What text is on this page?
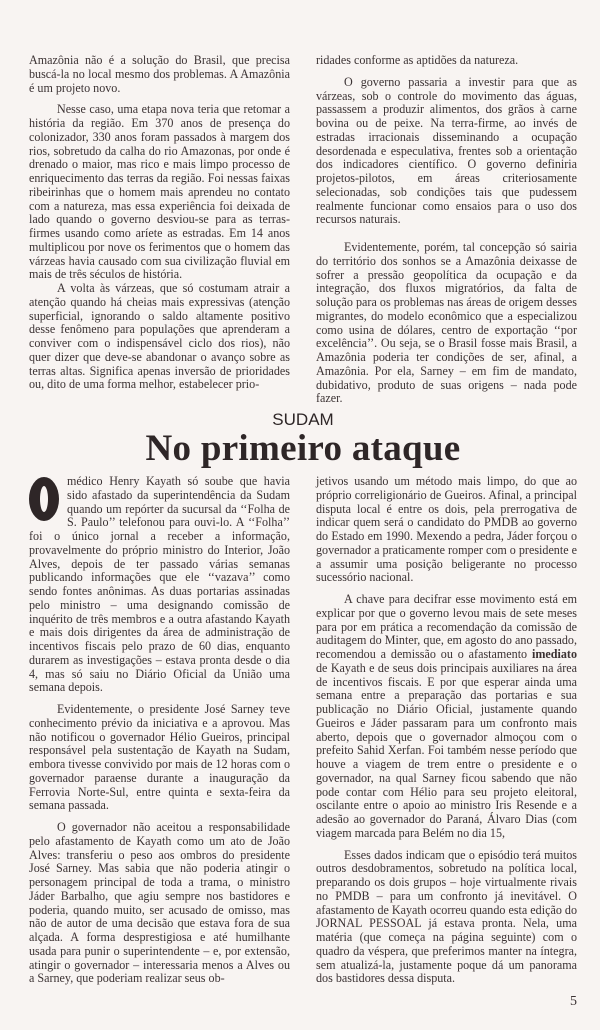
Amazônia não é a solução do Brasil, que precisa buscá-la no local mesmo dos problemas. A Amazônia é um projeto novo.

Nesse caso, uma etapa nova teria que retomar a história da região. Em 370 anos de presença do colonizador, 330 anos foram passados à margem dos rios, sobretudo da calha do rio Amazonas, por onde é drenado o maior, mas rico e mais limpo processo de enriquecimento das terras da região. Foi nessas faixas ribeirinhas que o homem mais aprendeu no contato com a natureza, mas essa experiência foi deixada de lado quando o governo desviou-se para as terras-firmes usando como aríete as estradas. Em 14 anos multiplicou por nove os ferimentos que o homem das várzeas havia causado com sua civilização fluvial em mais de três séculos de história.

A volta às várzeas, que só costumam atrair a atenção quando há cheias mais expressivas (atenção superficial, ignorando o saldo altamente positivo desse fenômeno para populações que aprenderam a conviver com o indispensável ciclo dos rios), não quer dizer que deve-se abandonar o avanço sobre as terras altas. Significa apenas inversão de prioridades ou, dito de uma forma melhor, estabelecer prio-

ridades conforme as aptidões da natureza.

O governo passaria a investir para que as várzeas, sob o controle do movimento das águas, passassem a produzir alimentos, dos grãos à carne bovina ou de peixe. Na terra-firme, ao invés de estradas irracionais disseminando a ocupação desordenada e especulativa, frentes sob a orientação dos indicadores científico. O governo definiria projetos-pilotos, em áreas criteriosamente selecionadas, sob condições tais que pudessem realmente funcionar como ensaios para o uso dos recursos naturais.

Evidentemente, porém, tal concepção só sairia do território dos sonhos se a Amazônia deixasse de sofrer a pressão geopolítica da ocupação e da integração, dos fluxos migratórios, da falta de solução para os problemas nas áreas de origem desses migrantes, do modelo econômico que a especializou como usina de dólares, centro de exportação ‘‘por excelência’’. Ou seja, se o Brasil fosse mais Brasil, a Amazônia poderia ter condições de ser, afinal, a Amazônia. Por ela, Sarney – em fim de mandato, dubidativo, produto de suas origens – nada pode fazer.

SUDAM
No primeiro ataque

médico Henry Kayath só soube que havia sido afastado da superintendência da Sudam quando um repórter da sucursal da ‘‘Folha de S. Paulo’’ telefonou para ouvi-lo. A ‘‘Folha’’ foi o único jornal a receber a informação, provavelmente do próprio ministro do Interior, João Alves, depois de ter passado várias semanas publicando informações que ele ‘‘vazava’’ como sendo fontes anônimas. As duas portarias assinadas pelo ministro – uma designando comissão de inquérito de três membros e a outra afastando Kayath e mais dois dirigentes da área de administração de incentivos fiscais pelo prazo de 60 dias, enquanto durarem as investigações – estava pronta desde o dia 4, mas só saiu no Diário Oficial da União uma semana depois.

Evidentemente, o presidente José Sarney teve conhecimento prévio da iniciativa e a aprovou. Mas não notificou o governador Hélio Gueiros, principal responsável pela sustentação de Kayath na Sudam, embora tivesse convivido por mais de 12 horas com o governador paraense durante a inauguração da Ferrovia Norte-Sul, entre quinta e sexta-feira da semana passada.

O governador não aceitou a responsabilidade pelo afastamento de Kayath como um ato de João Alves: transferiu o peso aos ombros do presidente José Sarney. Mas sabia que não poderia atingir o personagem principal de toda a trama, o ministro Jáder Barbalho, que agiu sempre nos bastidores e poderia, quando muito, ser acusado de omisso, mas não de autor de uma decisão que estava fora de sua alçada. A forma desprestigiosa e até humilhante usada para punir o superintendente – e, por extensão, atingir o governador – interessaria menos a Alves ou a Sarney, que poderiam realizar seus ob-

jetivos usando um método mais limpo, do que ao próprio correligionário de Gueiros. Afinal, a principal disputa local é entre os dois, pela prerrogativa de indicar quem será o candidato do PMDB ao governo do Estado em 1990. Mexendo a pedra, Jáder forçou o governador a praticamente romper com o presidente e a assumir uma posição beligerante no processo sucessório nacional.

A chave para decifrar esse movimento está em explicar por que o governo levou mais de sete meses para por em prática a recomendação da comissão de auditagem do Minter, que, em agosto do ano passado, recomendou a demissão ou o afastamento imediato de Kayath e de seus dois principais auxiliares na área de incentivos fiscais. E por que esperar ainda uma semana entre a preparação das portarias e sua publicação no Diário Oficial, justamente quando Gueiros e Jáder passaram para um confronto mais aberto, depois que o governador almoçou com o prefeito Sahid Xerfan. Foi também nesse período que houve a viagem de trem entre o presidente e o governador, na qual Sarney ficou sabendo que não pode contar com Hélio para seu projeto eleitoral, oscilante entre o apoio ao ministro Iris Resende e a adesão ao governador do Paraná, Álvaro Dias (com viagem marcada para Belém no dia 15,

Esses dados indicam que o episódio terá muitos outros desdobramentos, sobretudo na política local, preparando os dois grupos – hoje virtualmente rivais no PMDB – para um confronto já inevitável. O afastamento de Kayath ocorreu quando esta edição do JORNAL PESSOAL já estava pronta. Nela, uma matéria (que começa na página seguinte) com o quadro da véspera, que preferimos manter na íntegra, sem atualizá-la, justamente poque dá um panorama dos bastidores dessa disputa.

5
